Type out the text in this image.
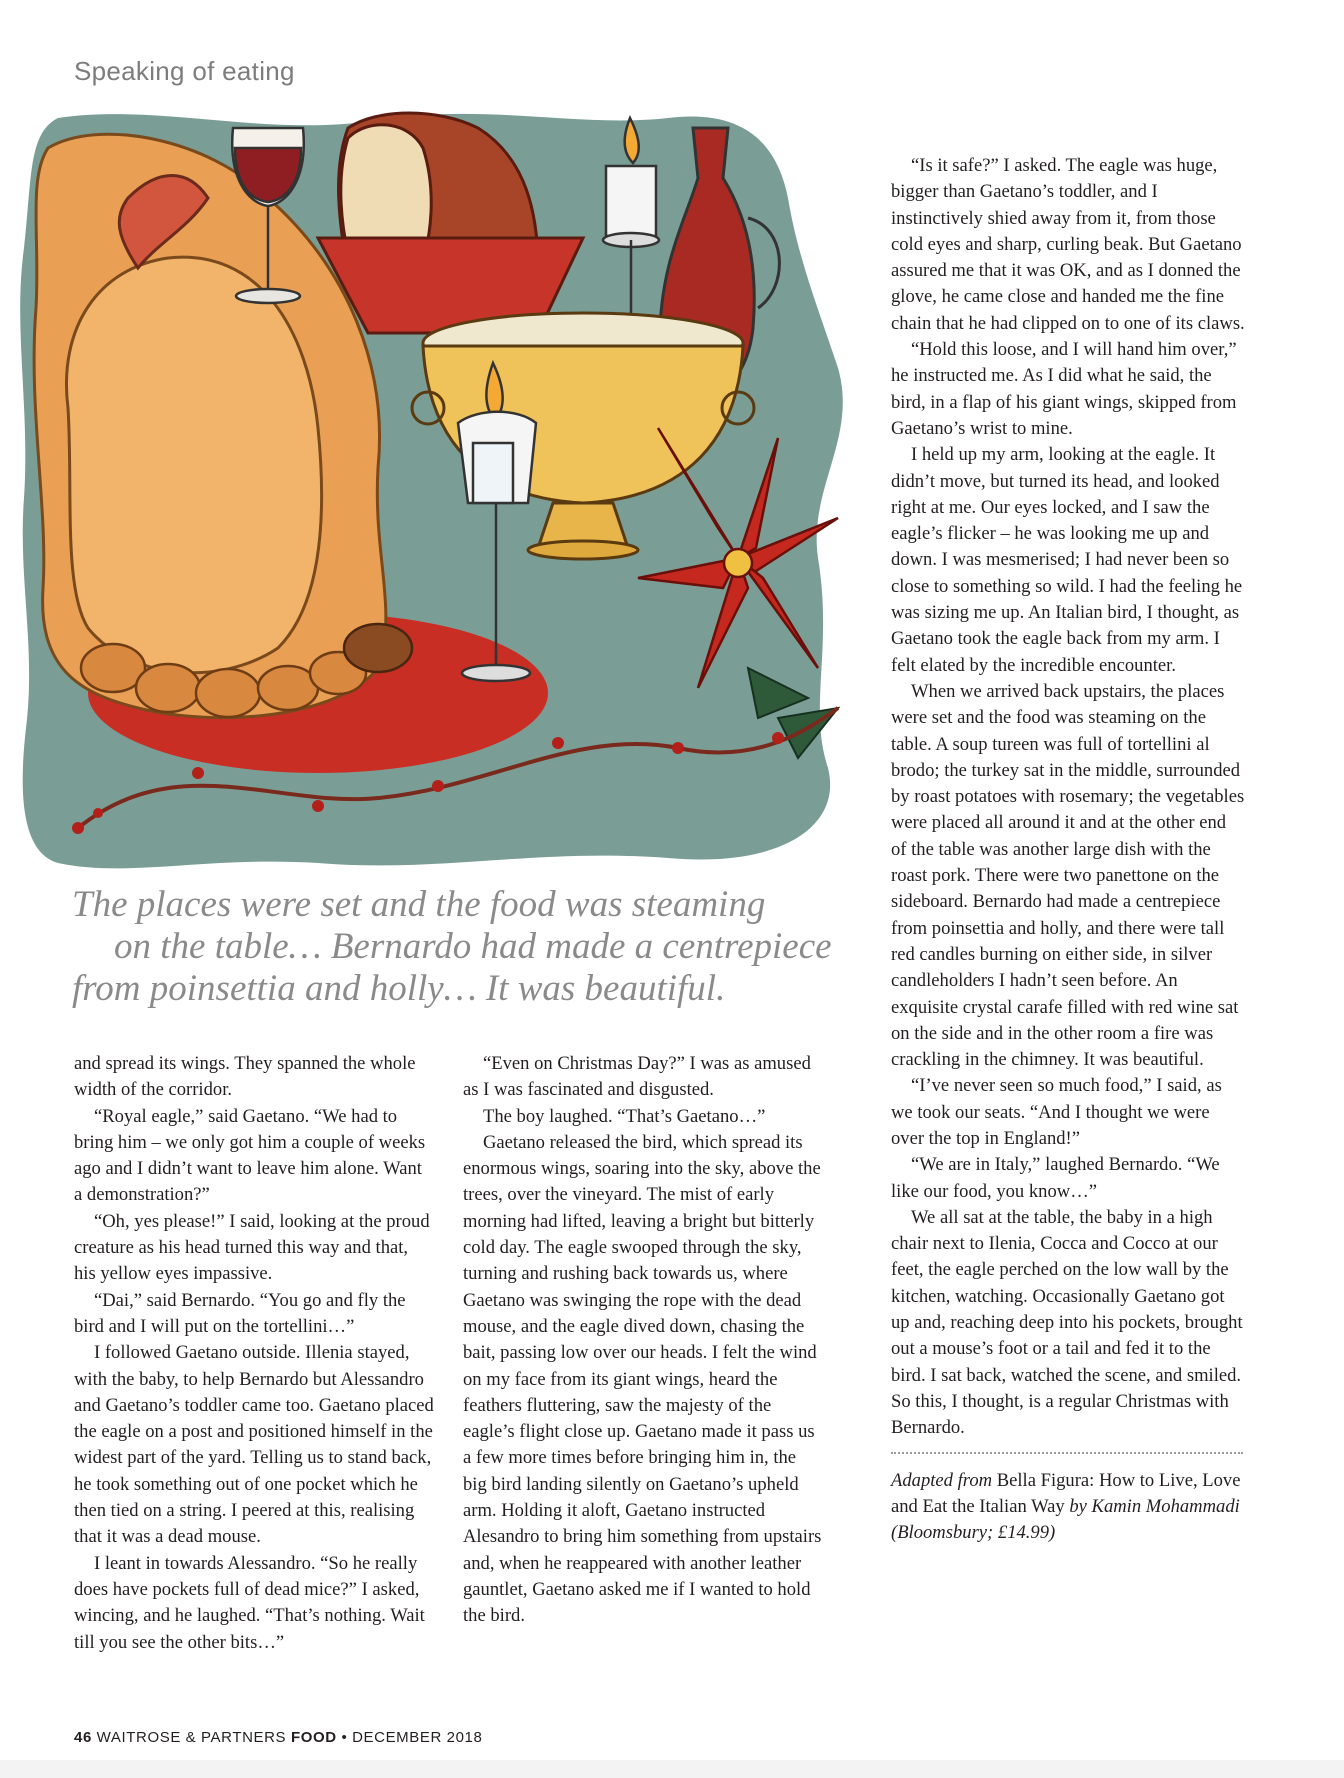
Speaking of eating
The places were set and the food was steaming
on the table… Bernardo had made a centrepiece
from poinsettia and holly… It was beautiful.

and spread its wings. They spanned the whole width of the corridor.

“Royal eagle,” said Gaetano. “We had to bring him – we only got him a couple of weeks ago and I didn’t want to leave him alone. Want a demonstration?”

“Oh, yes please!” I said, looking at the proud creature as his head turned this way and that, his yellow eyes impassive.

“Dai,” said Bernardo. “You go and fly the bird and I will put on the tortellini…”

I followed Gaetano outside. Illenia stayed, with the baby, to help Bernardo but Alessandro and Gaetano’s toddler came too. Gaetano placed the eagle on a post and positioned himself in the widest part of the yard. Telling us to stand back, he took something out of one pocket which he then tied on a string. I peered at this, realising that it was a dead mouse.

I leant in towards Alessandro. “So he really does have pockets full of dead mice?” I asked, wincing, and he laughed. “That’s nothing. Wait till you see the other bits…”

“Even on Christmas Day?” I was as amused as I was fascinated and disgusted.

The boy laughed. “That’s Gaetano…”

Gaetano released the bird, which spread its enormous wings, soaring into the sky, above the trees, over the vineyard. The mist of early morning had lifted, leaving a bright but bitterly cold day. The eagle swooped through the sky, turning and rushing back towards us, where Gaetano was swinging the rope with the dead mouse, and the eagle dived down, chasing the bait, passing low over our heads. I felt the wind on my face from its giant wings, heard the feathers fluttering, saw the majesty of the eagle’s flight close up. Gaetano made it pass us a few more times before bringing him in, the big bird landing silently on Gaetano’s upheld arm. Holding it aloft, Gaetano instructed Alesandro to bring him something from upstairs and, when he reappeared with another leather gauntlet, Gaetano asked me if I wanted to hold the bird.

“Is it safe?” I asked. The eagle was huge, bigger than Gaetano’s toddler, and I instinctively shied away from it, from those cold eyes and sharp, curling beak. But Gaetano assured me that it was OK, and as I donned the glove, he came close and handed me the fine chain that he had clipped on to one of its claws.

“Hold this loose, and I will hand him over,” he instructed me. As I did what he said, the bird, in a flap of his giant wings, skipped from Gaetano’s wrist to mine.

I held up my arm, looking at the eagle. It didn’t move, but turned its head, and looked right at me. Our eyes locked, and I saw the eagle’s flicker – he was looking me up and down. I was mesmerised; I had never been so close to something so wild. I had the feeling he was sizing me up. An Italian bird, I thought, as Gaetano took the eagle back from my arm. I felt elated by the incredible encounter.

When we arrived back upstairs, the places were set and the food was steaming on the table. A soup tureen was full of tortellini al brodo; the turkey sat in the middle, surrounded by roast potatoes with rosemary; the vegetables were placed all around it and at the other end of the table was another large dish with the roast pork. There were two panettone on the sideboard. Bernardo had made a centrepiece from poinsettia and holly, and there were tall red candles burning on either side, in silver candleholders I hadn’t seen before. An exquisite crystal carafe filled with red wine sat on the side and in the other room a fire was crackling in the chimney. It was beautiful.

“I’ve never seen so much food,” I said, as we took our seats. “And I thought we were over the top in England!”

“We are in Italy,” laughed Bernardo. “We like our food, you know…”

We all sat at the table, the baby in a high chair next to Ilenia, Cocca and Cocco at our feet, the eagle perched on the low wall by the kitchen, watching. Occasionally Gaetano got up and, reaching deep into his pockets, brought out a mouse’s foot or a tail and fed it to the bird. I sat back, watched the scene, and smiled. So this, I thought, is a regular Christmas with Bernardo.

Adapted from Bella Figura: How to Live, Love and Eat the Italian Way by Kamin Mohammadi (Bloomsbury; £14.99)
46 WAITROSE & PARTNERS FOOD • DECEMBER 2018
